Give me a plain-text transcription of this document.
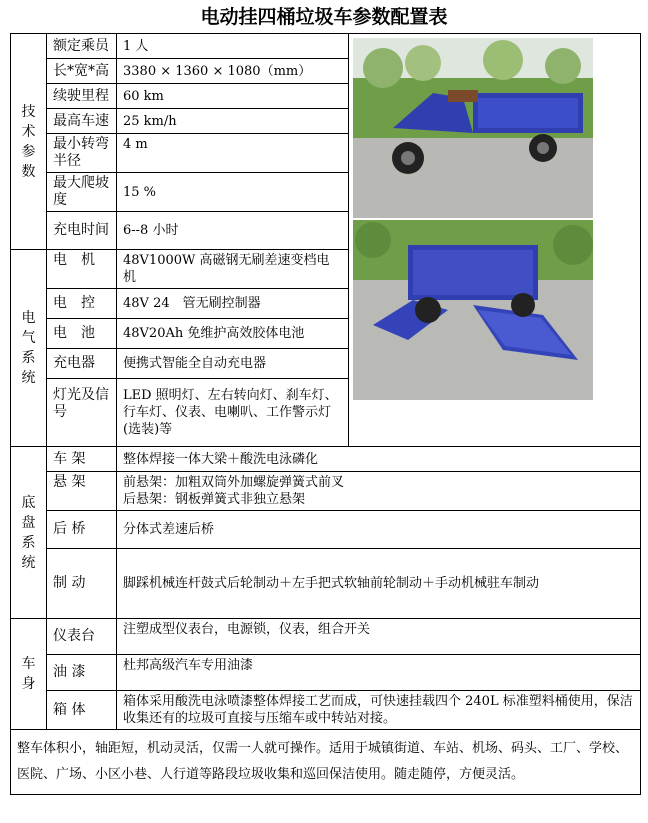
电动挂四桶垃圾车参数配置表
技术参数	额定乘员	1 人	

	长*宽*高	3380 × 1360 × 1080（mm）	
	续驶里程	60 km	
	最高车速	25 km/h	
	最小转弯半径	4 m	
	最大爬坡度	15 %	
	充电时间	6--8 小时	

电气系统	电　机	48V1000W 高磁钢无刷差速变档电机	
	电　控	48V 24　管无刷控制器	
	电　池	48V20Ah 免维护高效胶体电池	
	充电器	便携式智能全自动充电器	
	灯光及信号	LED 照明灯、左右转向灯、刹车灯、行车灯、仪表、电喇叭、工作警示灯(选装)等	

底盘系统	车 架	整体焊接一体大梁＋酸洗电泳磷化	
	悬 架	前悬架：加粗双筒外加螺旋弹簧式前叉
后悬架：钢板弹簧式非独立悬架	

	后 桥	分体式差速后桥	
	制 动	脚踩机械连杆鼓式后轮制动＋左手把式软轴前轮制动＋手动机械驻车制动	

车身	仪表台	注塑成型仪表台，电源锁，仪表，组合开关	
	油 漆	杜邦高级汽车专用油漆	
	箱 体	箱体采用酸洗电泳喷漆整体焊接工艺而成，可快速挂载四个 240L 标准塑料桶使用，保洁收集还有的垃圾可直接与压缩车或中转站对接。	
整车体积小，轴距短，机动灵活，仅需一人就可操作。适用于城镇街道、车站、机场、码头、工厂、学校、医院、广场、小区小巷、人行道等路段垃圾收集和巡回保洁使用。随走随停，方便灵活。			
